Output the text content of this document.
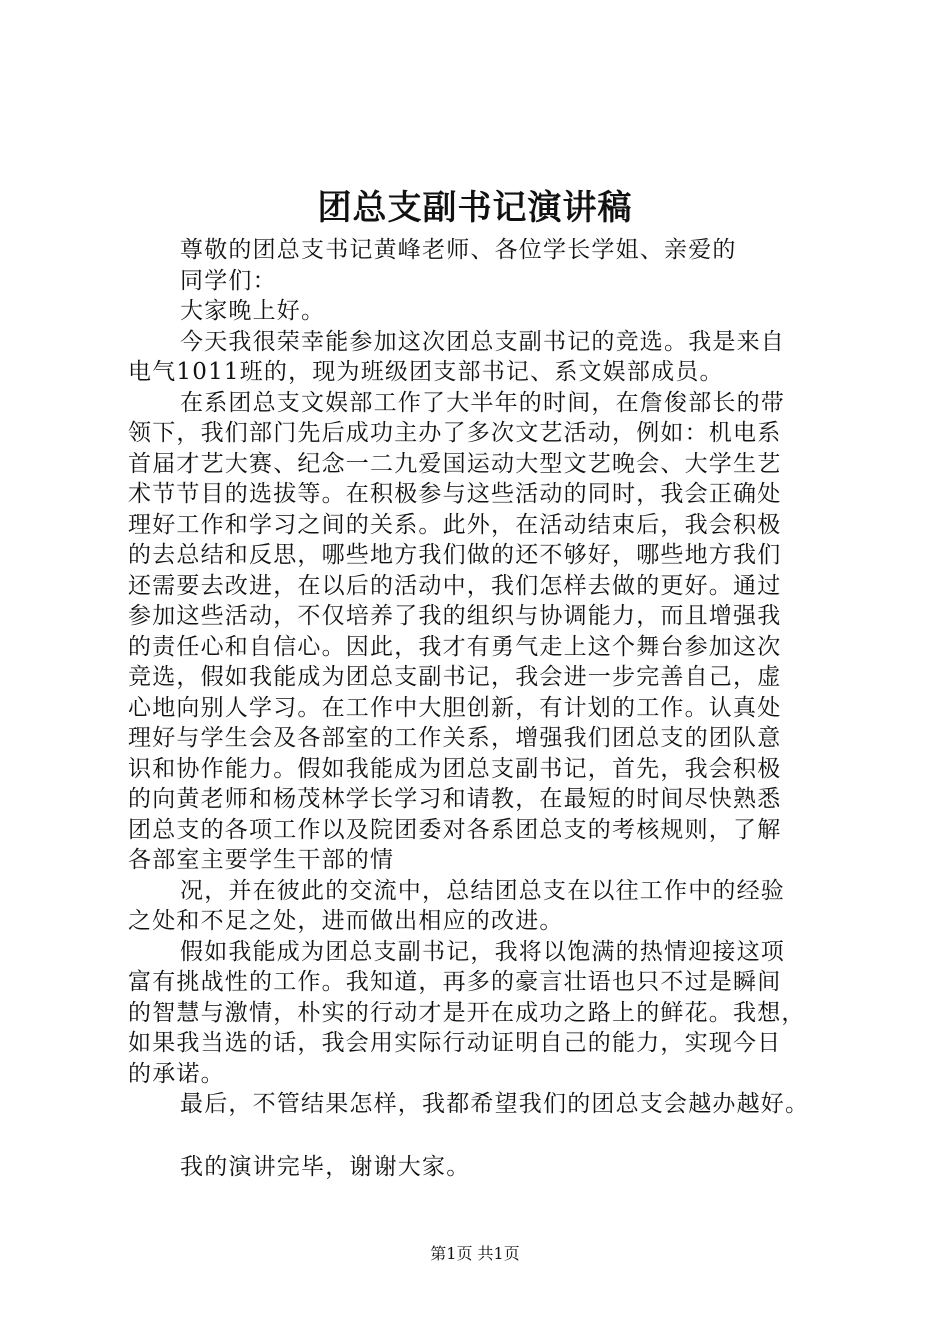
团总支副书记演讲稿

尊敬的团总支书记黄峰老师、各位学长学姐、亲爱的

同学们：

大家晚上好。

今天我很荣幸能参加这次团总支副书记的竞选。我是来自

电气1011班的，现为班级团支部书记、系文娱部成员。

在系团总支文娱部工作了大半年的时间，在詹俊部长的带

领下，我们部门先后成功主办了多次文艺活动，例如：机电系

首届才艺大赛、纪念一二九爱国运动大型文艺晚会、大学生艺

术节节目的选拔等。在积极参与这些活动的同时，我会正确处

理好工作和学习之间的关系。此外，在活动结束后，我会积极

的去总结和反思，哪些地方我们做的还不够好，哪些地方我们

还需要去改进，在以后的活动中，我们怎样去做的更好。通过

参加这些活动，不仅培养了我的组织与协调能力，而且增强我

的责任心和自信心。因此，我才有勇气走上这个舞台参加这次

竞选，假如我能成为团总支副书记，我会进一步完善自己，虚

心地向别人学习。在工作中大胆创新，有计划的工作。认真处

理好与学生会及各部室的工作关系，增强我们团总支的团队意

识和协作能力。假如我能成为团总支副书记，首先，我会积极

的向黄老师和杨茂林学长学习和请教，在最短的时间尽快熟悉

团总支的各项工作以及院团委对各系团总支的考核规则，了解

各部室主要学生干部的情

况，并在彼此的交流中，总结团总支在以往工作中的经验

之处和不足之处，进而做出相应的改进。

假如我能成为团总支副书记，我将以饱满的热情迎接这项

富有挑战性的工作。我知道，再多的豪言壮语也只不过是瞬间

的智慧与激情，朴实的行动才是开在成功之路上的鲜花。我想，

如果我当选的话，我会用实际行动证明自己的能力，实现今日

的承诺。

最后，不管结果怎样，我都希望我们的团总支会越办越好。

我的演讲完毕，谢谢大家。

第1页 共1页
